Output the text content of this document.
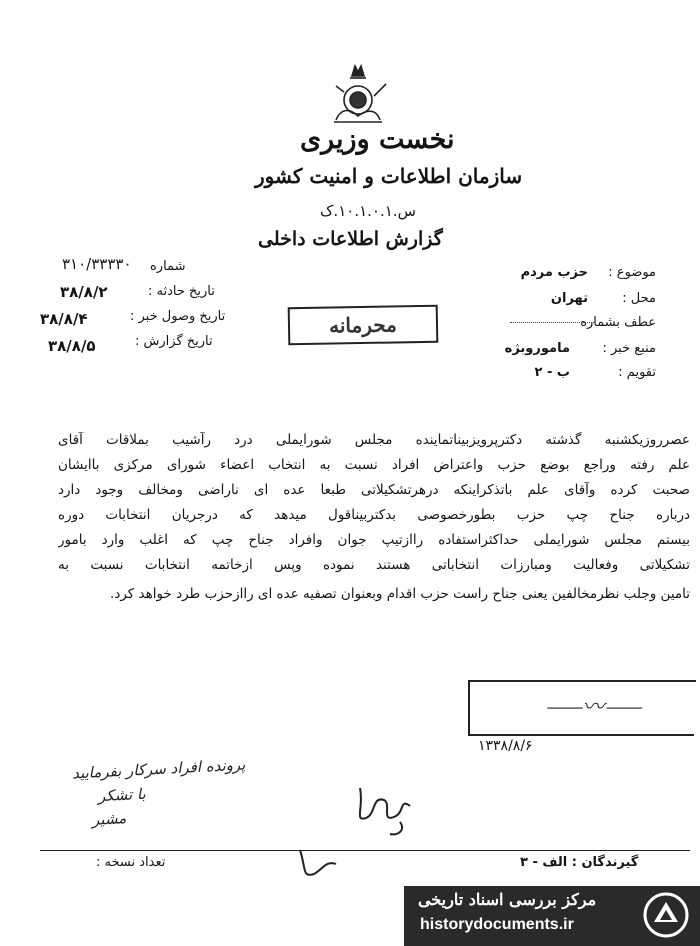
نخست وزیری
سازمان اطلاعات و امنیت کشور
س.۱۰.۱.۰.۱.ک
گزارش اطلاعات داخلی
موضوع :
حزب مردم
محل :
تهران
عطف بشماره
منبع خبر :
ماموروبژه
تقویم :
ب - ۲
شماره
۳۱۰/۳۳۳۳۰
تاریخ حادثه :
۳۸/۸/۲
تاریخ وصول خبر :
۳۸/۸/۴
تاریخ گزارش :
۳۸/۸/۵
محرمانه
عصرروزیکشنبه گذشته دکترپرویزبیناتماینده مجلس شورایملی درد رآشیب بملاقات آقای
علم رفته وراجع بوضع حزب واعتراض افراد نسبت به انتخاب اعضاء شورای مرکزی باایشان
صحبت کرده وآقای علم باتذکراینکه درهرتشکیلاتی طبعا عده ای ناراضی ومخالف وجود دارد
درباره جناح چپ حزب بطورخصوصی بدکتربیناقول میدهد که درجریان انتخابات دوره
بیستم مجلس شورایملی حداکثراستفاده راازتیپ جوان وافراد جناح چپ که اغلب وارد بامور
تشکیلاتی وفعالیت ومبارزات انتخاباتی هستند نموده وپس ازخاتمه انتخابات نسبت به
تامین وجلب نظرمخالفین یعنی جناح راست حزب اقدام وبعنوان تصفیه عده ای راازحزب طرد خواهد کرد.
⸺〰⸺
۱۳۳۸/۸/۶
پرونده افراد سرکار بفرمایید
با تشکر
مشیر
تعداد نسخه :	گیرندگان : الف - ۳
مرکز بررسی اسناد تاریخی
historydocuments.ir
